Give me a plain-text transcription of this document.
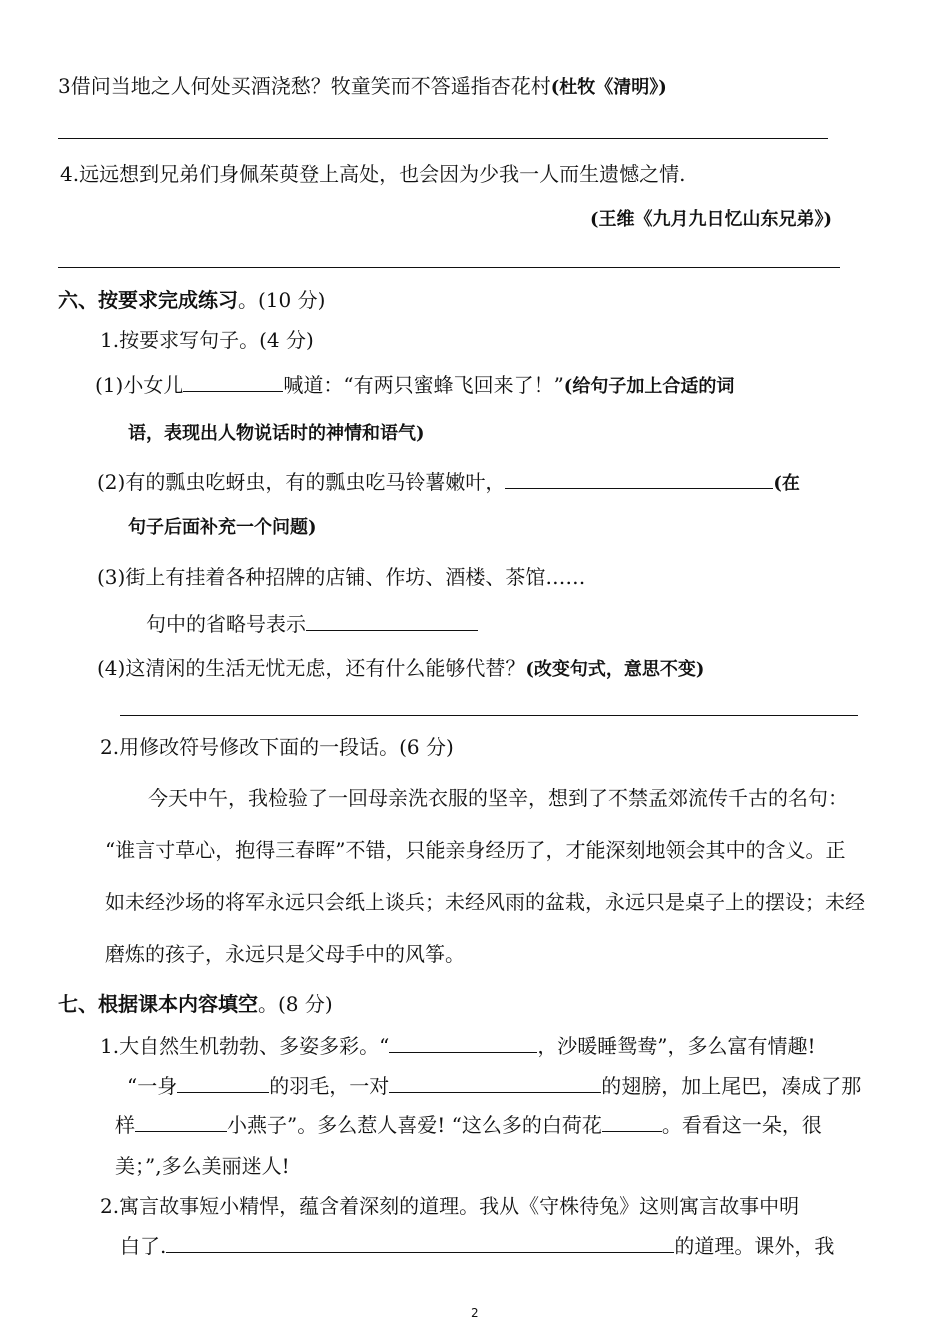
3借问当地之人何处买酒浇愁？牧童笑而不答遥指杏花村(杜牧《清明》)
4.远远想到兄弟们身佩茱萸登上高处，也会因为少我一人而生遗憾之情.
(王维《九月九日忆山东兄弟》)
六、按要求完成练习。(10 分)
1.按要求写句子。(4 分)
(1)小女儿	喊道：“有两只蜜蜂飞回来了！”(给句子加上合适的词
语，表现出人物说话时的神情和语气)
(2)有的瓢虫吃蚜虫，有的瓢虫吃马铃薯嫩叶，	(在
句子后面补充一个问题)
(3)街上有挂着各种招牌的店铺、作坊、酒楼、茶馆……
句中的省略号表示
(4)这清闲的生活无忧无虑，还有什么能够代替？(改变句式，意思不变)
2.用修改符号修改下面的一段话。(6 分)
今天中午，我检验了一回母亲洗衣服的坚辛，想到了不禁孟郊流传千古的名句：
“谁言寸草心，抱得三春晖”不错，只能亲身经历了，才能深刻地领会其中的含义。正
如未经沙场的将军永远只会纸上谈兵；未经风雨的盆栽，永远只是桌子上的摆设；未经
磨炼的孩子，永远只是父母手中的风筝。
七、根据课本内容填空。(8 分)
1.大自然生机勃勃、多姿多彩。“	，沙暖睡鸳鸯”，多么富有情趣!
“一身	的羽毛，一对	的翅膀，加上尾巴，凑成了那
样	小燕子”。多么惹人喜爱! “这么多的白荷花	。看看这一朵，很
美；”,多么美丽迷人!
2.寓言故事短小精悍，蕴含着深刻的道理。我从《守株待兔》这则寓言故事中明
白了.	的道理。课外，我
2
